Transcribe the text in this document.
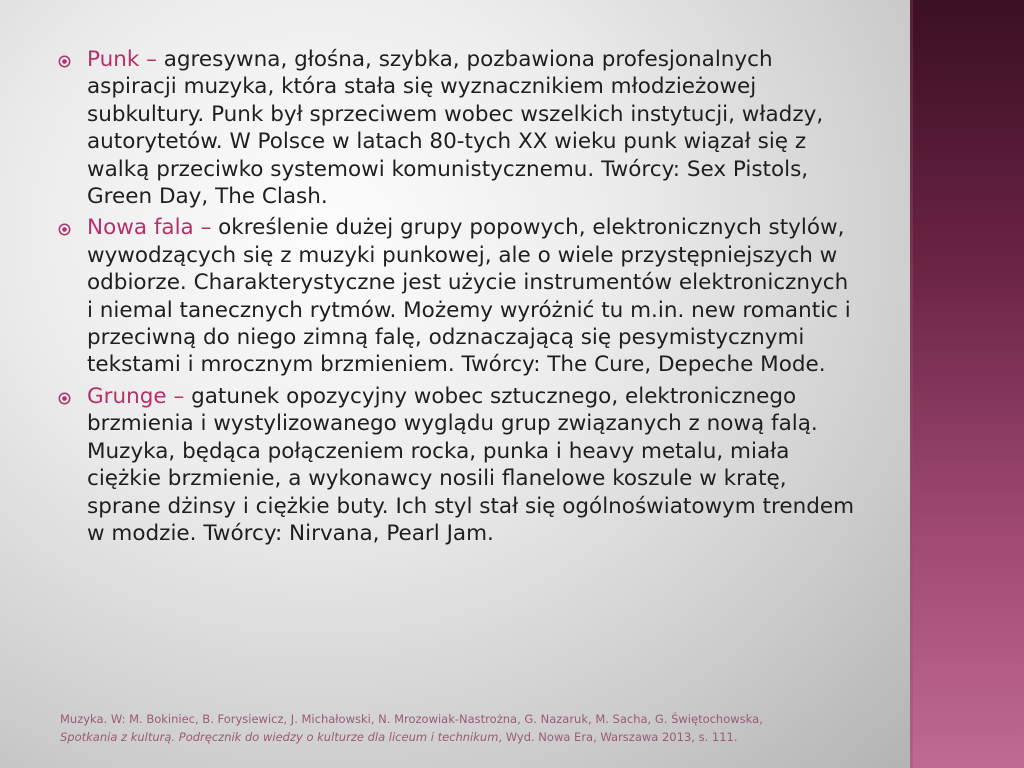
Punk – agresywna, głośna, szybka, pozbawiona profesjonalnych aspiracji muzyka, która stała się wyznacznikiem młodzieżowej subkultury. Punk był sprzeciwem wobec wszelkich instytucji, władzy, autorytetów. W Polsce w latach 80-tych XX wieku punk wiązał się z walką przeciwko systemowi komunistycznemu. Twórcy: Sex Pistols, Green Day, The Clash.
Nowa fala – określenie dużej grupy popowych, elektronicznych stylów, wywodzących się z muzyki punkowej, ale o wiele przystępniejszych w odbiorze. Charakterystyczne jest użycie instrumentów elektronicznych i niemal tanecznych rytmów. Możemy wyróżnić tu m.in. new romantic i przeciwną do niego zimną falę, odznaczającą się pesymistycznymi tekstami i mrocznym brzmieniem. Twórcy: The Cure, Depeche Mode.
Grunge – gatunek opozycyjny wobec sztucznego, elektronicznego brzmienia i wystylizowanego wyglądu grup związanych z nową falą. Muzyka, będąca połączeniem rocka, punka i heavy metalu, miała ciężkie brzmienie, a wykonawcy nosili flanelowe koszule w kratę, sprane dżinsy i ciężkie buty. Ich styl stał się ogólnoświatowym trendem w modzie. Twórcy: Nirvana, Pearl Jam.
Muzyka. W: M. Bokiniec, B. Forysiewicz, J. Michałowski, N. Mrozowiak-Nastrożna, G. Nazaruk, M. Sacha, G. Świętochowska,
Spotkania z kulturą. Podręcznik do wiedzy o kulturze dla liceum i technikum, Wyd. Nowa Era, Warszawa 2013, s. 111.
